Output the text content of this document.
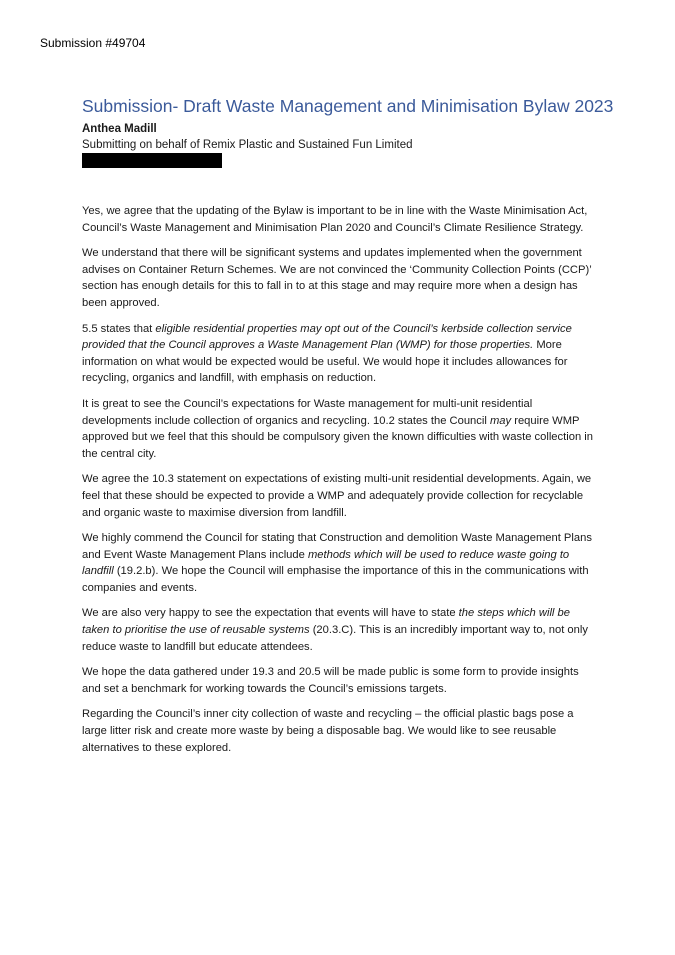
Submission #49704
Submission- Draft Waste Management and Minimisation Bylaw 2023
Anthea Madill
Submitting on behalf of Remix Plastic and Sustained Fun Limited

Yes, we agree that the updating of the Bylaw is important to be in line with the Waste Minimisation Act, Council’s Waste Management and Minimisation Plan 2020 and Council’s Climate Resilience Strategy.

We understand that there will be significant systems and updates implemented when the government advises on Container Return Schemes. We are not convinced the ‘Community Collection Points (CCP)’ section has enough details for this to fall in to at this stage and may require more when a design has been approved.

5.5 states that eligible residential properties may opt out of the Council’s kerbside collection service provided that the Council approves a Waste Management Plan (WMP) for those properties. More information on what would be expected would be useful. We would hope it includes allowances for recycling, organics and landfill, with emphasis on reduction.

It is great to see the Council’s expectations for Waste management for multi-unit residential developments include collection of organics and recycling. 10.2 states the Council may require WMP approved but we feel that this should be compulsory given the known difficulties with waste collection in the central city.

We agree the 10.3 statement on expectations of existing multi-unit residential developments. Again, we feel that these should be expected to provide a WMP and adequately provide collection for recyclable and organic waste to maximise diversion from landfill.

We highly commend the Council for stating that Construction and demolition Waste Management Plans and Event Waste Management Plans include methods which will be used to reduce waste going to landfill (19.2.b). We hope the Council will emphasise the importance of this in the communications with companies and events.

We are also very happy to see the expectation that events will have to state the steps which will be taken to prioritise the use of reusable systems (20.3.C). This is an incredibly important way to, not only reduce waste to landfill but educate attendees.

We hope the data gathered under 19.3 and 20.5 will be made public is some form to provide insights and set a benchmark for working towards the Council’s emissions targets.

Regarding the Council’s inner city collection of waste and recycling – the official plastic bags pose a large litter risk and create more waste by being a disposable bag. We would like to see reusable alternatives to these explored.
